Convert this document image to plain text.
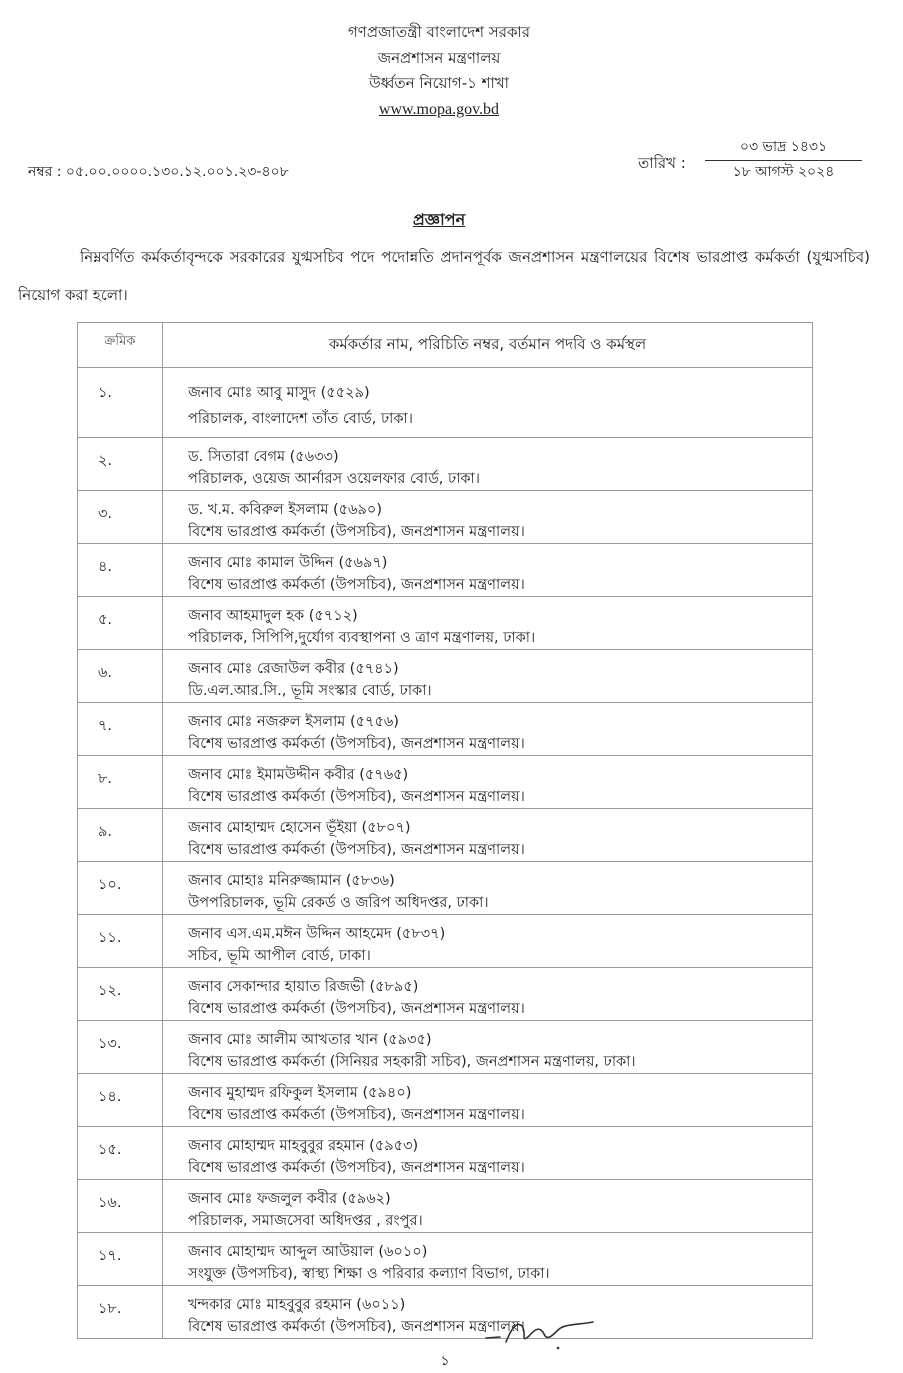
গণপ্রজাতন্ত্রী বাংলাদেশ সরকার
জনপ্রশাসন মন্ত্রণালয়
উর্ধ্বতন নিয়োগ-১ শাখা
www.mopa.gov.bd
নম্বর : ০৫.০০.০০০০.১৩০.১২.০০১.২৩-৪০৮	তারিখ :
০৩ ভাদ্র ১৪৩১
১৮ আগস্ট ২০২৪
প্রজ্ঞাপন
নিম্নবর্ণিত কর্মকর্তাবৃন্দকে সরকারের যুগ্মসচিব পদে পদোন্নতি প্রদানপূর্বক জনপ্রশাসন মন্ত্রণালয়ের বিশেষ ভারপ্রাপ্ত কর্মকর্তা (যুগ্মসচিব) নিয়োগ করা হলো।
ক্রমিক	কর্মকর্তার নাম, পরিচিতি নম্বর, বর্তমান পদবি ও কর্মস্থল
১.	জনাব মোঃ আবু মাসুদ (৫৫২৯)
পরিচালক, বাংলাদেশ তাঁত বোর্ড, ঢাকা।

২.	ড. সিতারা বেগম (৫৬৩৩)
পরিচালক, ওয়েজ আর্নারস ওয়েলফার বোর্ড, ঢাকা।

৩.	ড. খ.ম. কবিরুল ইসলাম (৫৬৯০)
বিশেষ ভারপ্রাপ্ত কর্মকর্তা (উপসচিব), জনপ্রশাসন মন্ত্রণালয়।

৪.	জনাব মোঃ কামাল উদ্দিন (৫৬৯৭)
বিশেষ ভারপ্রাপ্ত কর্মকর্তা (উপসচিব), জনপ্রশাসন মন্ত্রণালয়।

৫.	জনাব আহমাদুল হক (৫৭১২)
পরিচালক, সিপিপি,দুর্যোগ ব্যবস্থাপনা ও ত্রাণ মন্ত্রণালয়, ঢাকা।

৬.	জনাব মোঃ রেজাউল কবীর (৫৭৪১)
ডি.এল.আর.সি., ভূমি সংস্কার বোর্ড, ঢাকা।

৭.	জনাব মোঃ নজরুল ইসলাম (৫৭৫৬)
বিশেষ ভারপ্রাপ্ত কর্মকর্তা (উপসচিব), জনপ্রশাসন মন্ত্রণালয়।

৮.	জনাব মোঃ ইমামউদ্দীন কবীর (৫৭৬৫)
বিশেষ ভারপ্রাপ্ত কর্মকর্তা (উপসচিব), জনপ্রশাসন মন্ত্রণালয়।

৯.	জনাব মোহাম্মদ হোসেন ভূঁইয়া (৫৮০৭)
বিশেষ ভারপ্রাপ্ত কর্মকর্তা (উপসচিব), জনপ্রশাসন মন্ত্রণালয়।

১০.	জনাব মোহাঃ মনিরুজ্জামান (৫৮৩৬)
উপপরিচালক, ভূমি রেকর্ড ও জরিপ অধিদপ্তর, ঢাকা।

১১.	জনাব এস.এম.মঈন উদ্দিন আহমেদ (৫৮৩৭)
সচিব, ভূমি আপীল বোর্ড, ঢাকা।

১২.	জনাব সেকান্দার হায়াত রিজভী (৫৮৯৫)
বিশেষ ভারপ্রাপ্ত কর্মকর্তা (উপসচিব), জনপ্রশাসন মন্ত্রণালয়।

১৩.	জনাব মোঃ আলীম আখতার খান (৫৯৩৫)
বিশেষ ভারপ্রাপ্ত কর্মকর্তা (সিনিয়র সহকারী সচিব), জনপ্রশাসন মন্ত্রণালয়, ঢাকা।

১৪.	জনাব মুহাম্মদ রফিকুল ইসলাম (৫৯৪০)
বিশেষ ভারপ্রাপ্ত কর্মকর্তা (উপসচিব), জনপ্রশাসন মন্ত্রণালয়।

১৫.	জনাব মোহাম্মদ মাহবুবুর রহমান (৫৯৫৩)
বিশেষ ভারপ্রাপ্ত কর্মকর্তা (উপসচিব), জনপ্রশাসন মন্ত্রণালয়।

১৬.	জনাব মোঃ ফজলুল কবীর (৫৯৬২)
পরিচালক, সমাজসেবা অধিদপ্তর , রংপুর।

১৭.	জনাব মোহাম্মদ আব্দুল আউয়াল (৬০১০)
সংযুক্ত (উপসচিব), স্বাস্থ্য শিক্ষা ও পরিবার কল্যাণ বিভাগ, ঢাকা।

১৮.	খন্দকার মোঃ মাহবুবুর রহমান (৬০১১)
বিশেষ ভারপ্রাপ্ত কর্মকর্তা (উপসচিব), জনপ্রশাসন মন্ত্রণালয়।
১
